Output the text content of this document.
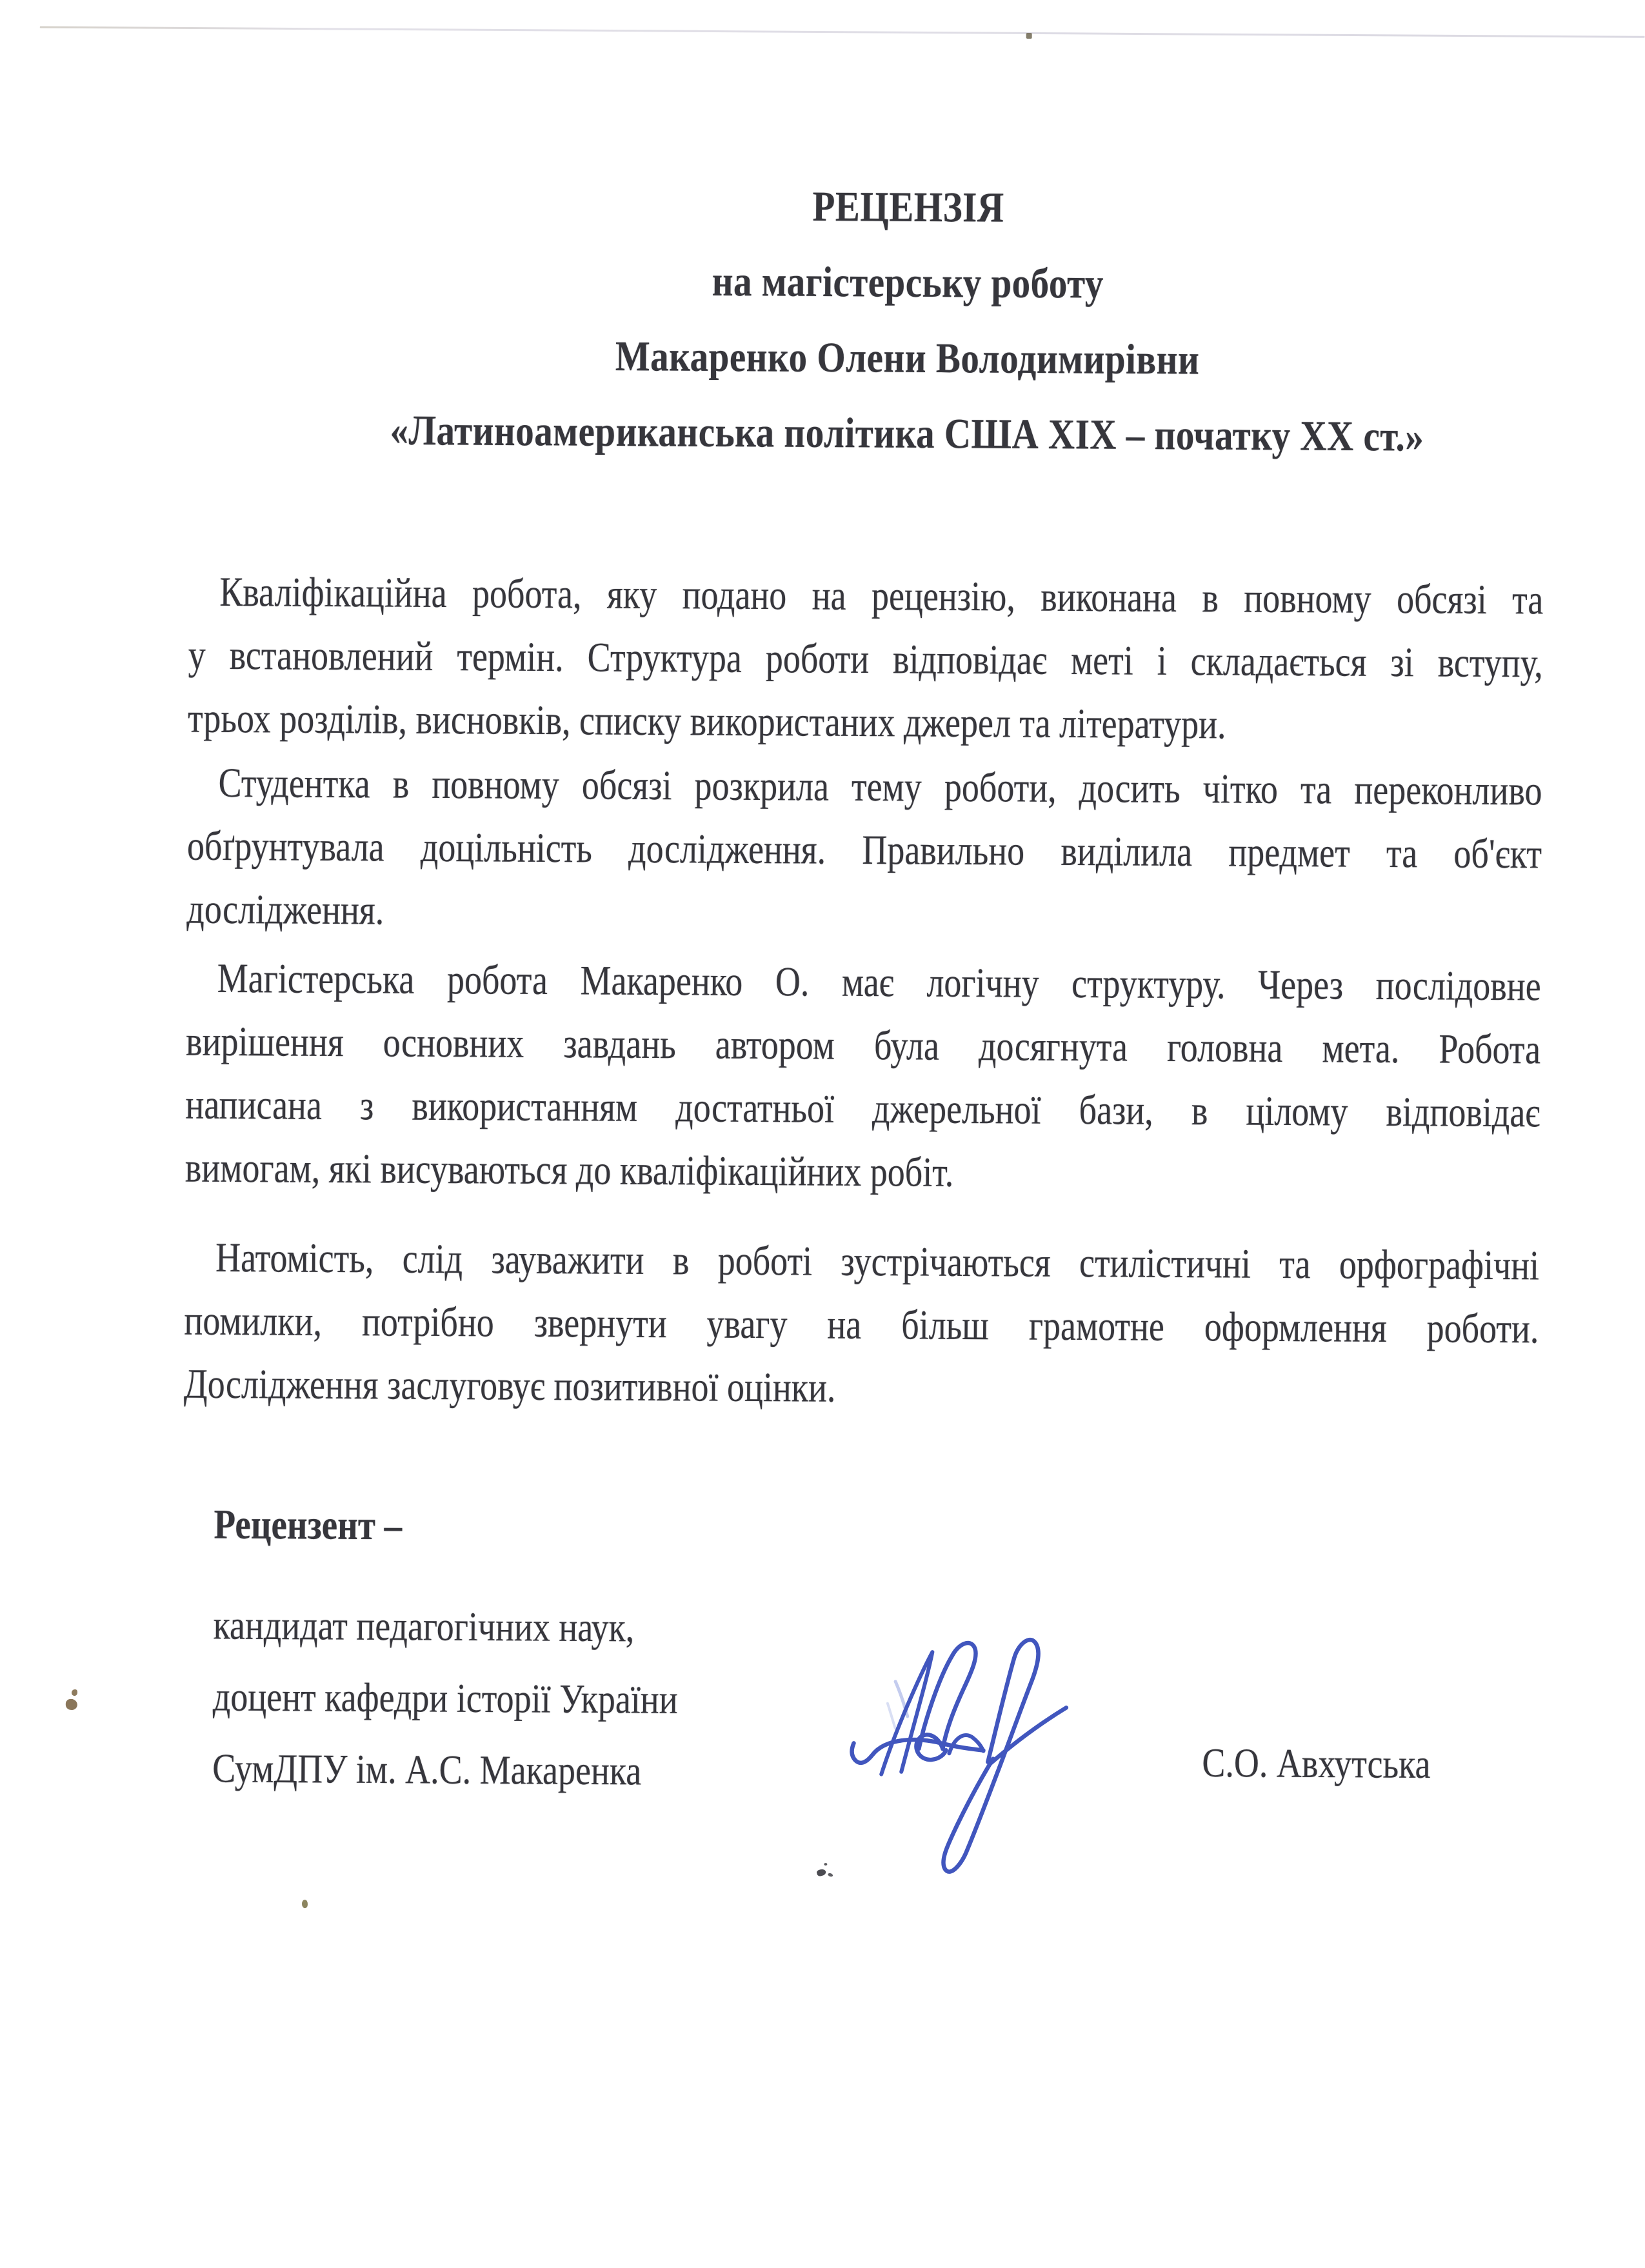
РЕЦЕНЗІЯ
на магістерську роботу
Макаренко Олени Володимирівни
«Латиноамериканська політика США XIX – початку XX ст.»
Кваліфікаційна робота, яку подано на рецензію, виконана в повному обсязі та
у встановлений термін. Структура роботи відповідає меті і складається зі вступу,
трьох розділів, висновків, списку використаних джерел та літератури.
Студентка в повному обсязі розкрила тему роботи, досить чітко та переконливо
обґрунтувала доцільність дослідження. Правильно виділила предмет та об'єкт
дослідження.
Магістерська робота Макаренко О. має логічну структуру. Через послідовне
вирішення основних завдань автором була досягнута головна мета. Робота
написана з використанням достатньої джерельної бази, в цілому відповідає
вимогам, які висуваються до кваліфікаційних робіт.
Натомість, слід зауважити в роботі зустрічаються стилістичні та орфографічні
помилки, потрібно звернути увагу на більш грамотне оформлення роботи.
Дослідження заслуговує позитивної оцінки.
Рецензент –
кандидат педагогічних наук,
доцент кафедри історії України
СумДПУ ім. А.С. Макаренка	С.О. Авхутська
